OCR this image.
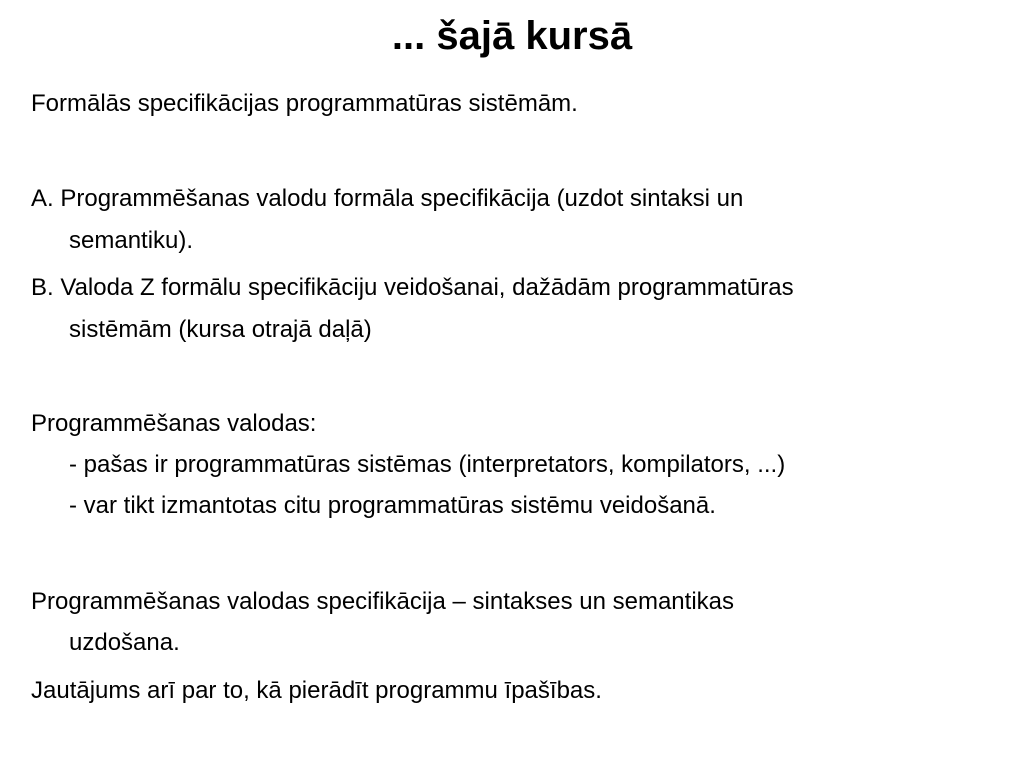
... šajā kursā
Formālās specifikācijas programmatūras sistēmām.
A. Programmēšanas valodu formāla specifikācija (uzdot sintaksi un
semantiku).
B. Valoda Z formālu specifikāciju veidošanai, dažādām programmatūras
sistēmām (kursa otrajā daļā)
Programmēšanas valodas:
- pašas ir programmatūras sistēmas (interpretators, kompilators, ...)
- var tikt izmantotas citu programmatūras sistēmu veidošanā.
Programmēšanas valodas specifikācija – sintakses un semantikas
uzdošana.
Jautājums arī par to, kā pierādīt programmu īpašības.
